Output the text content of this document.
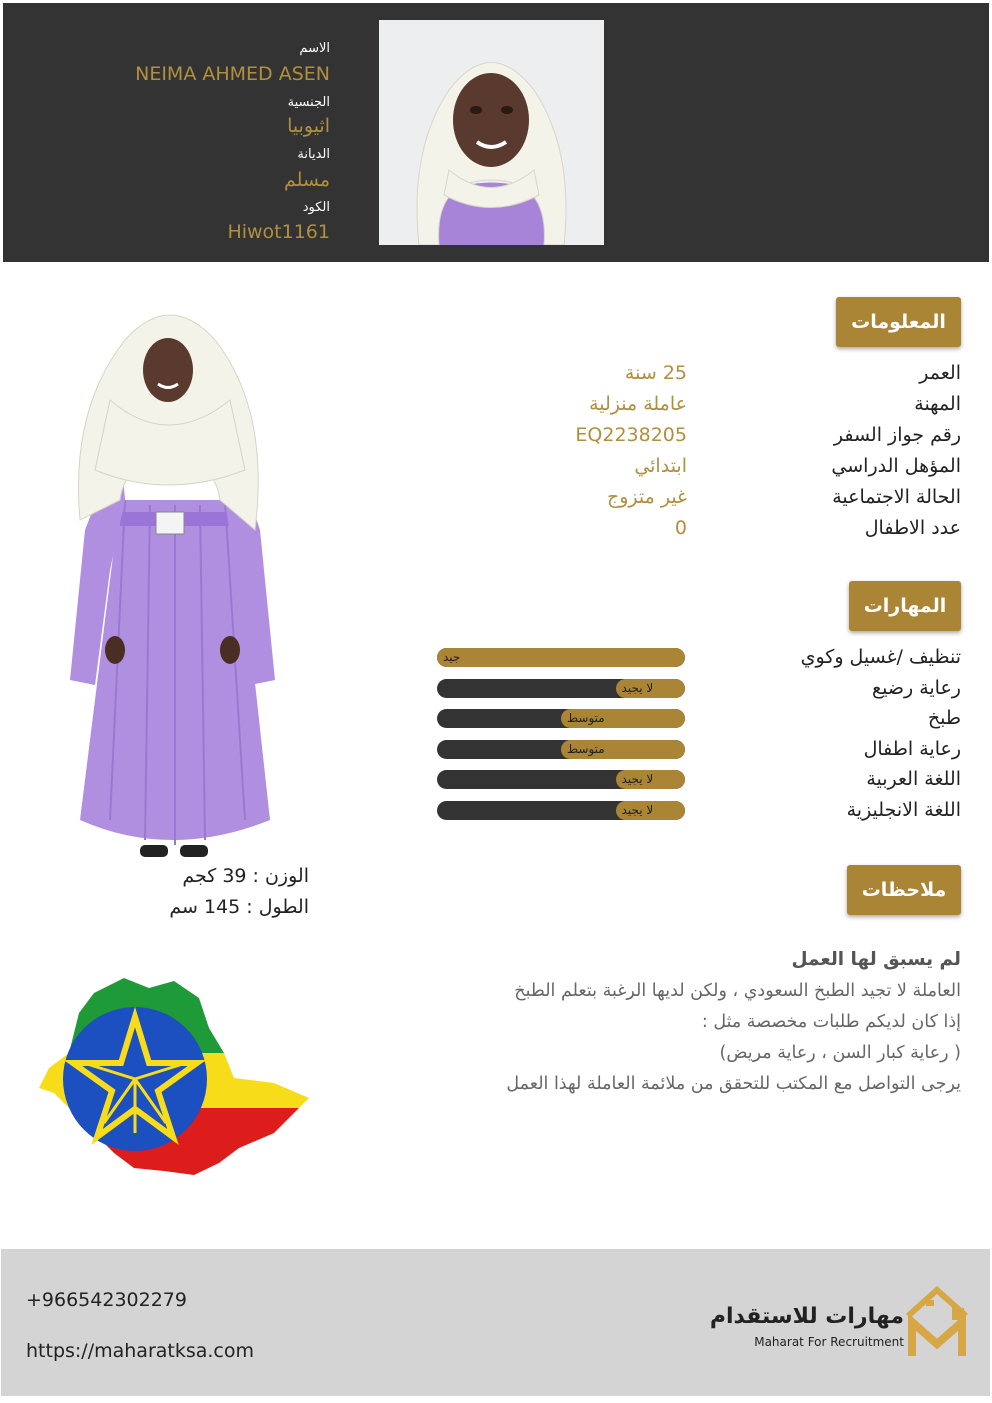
الاسم
NEIMA AHMED ASEN
الجنسية
اثيوبيا
الديانة
مسلم
الكود
Hiwot1161
المعلومات
العمر
25 سنة
المهنة
عاملة منزلية
رقم جواز السفر
EQ2238205
المؤهل الدراسي
ابتدائي
الحالة الاجتماعية
غير متزوج
عدد الاطفال
0
المهارات
تنظيف /غسيل وكوي
جيد
رعاية رضيع
لا يجيد
طبخ
متوسط
رعاية اطفال
متوسط
اللغة العربية
لا يجيد
اللغة الانجليزية
لا يجيد
ملاحظات
لم يسبق لها العمل
العاملة لا تجيد الطبخ السعودي ، ولكن لديها الرغبة بتعلم الطبخ
إذا كان لديكم طلبات مخصصة مثل :
( رعاية كبار السن ، رعاية مريض)
يرجى التواصل مع المكتب للتحقق من ملائمة العاملة لهذا العمل
الوزن : 39 كجم
الطول : 145 سم
+966542302279
https://maharatksa.com
مهارات للاستقدام
Maharat For Recruitment
